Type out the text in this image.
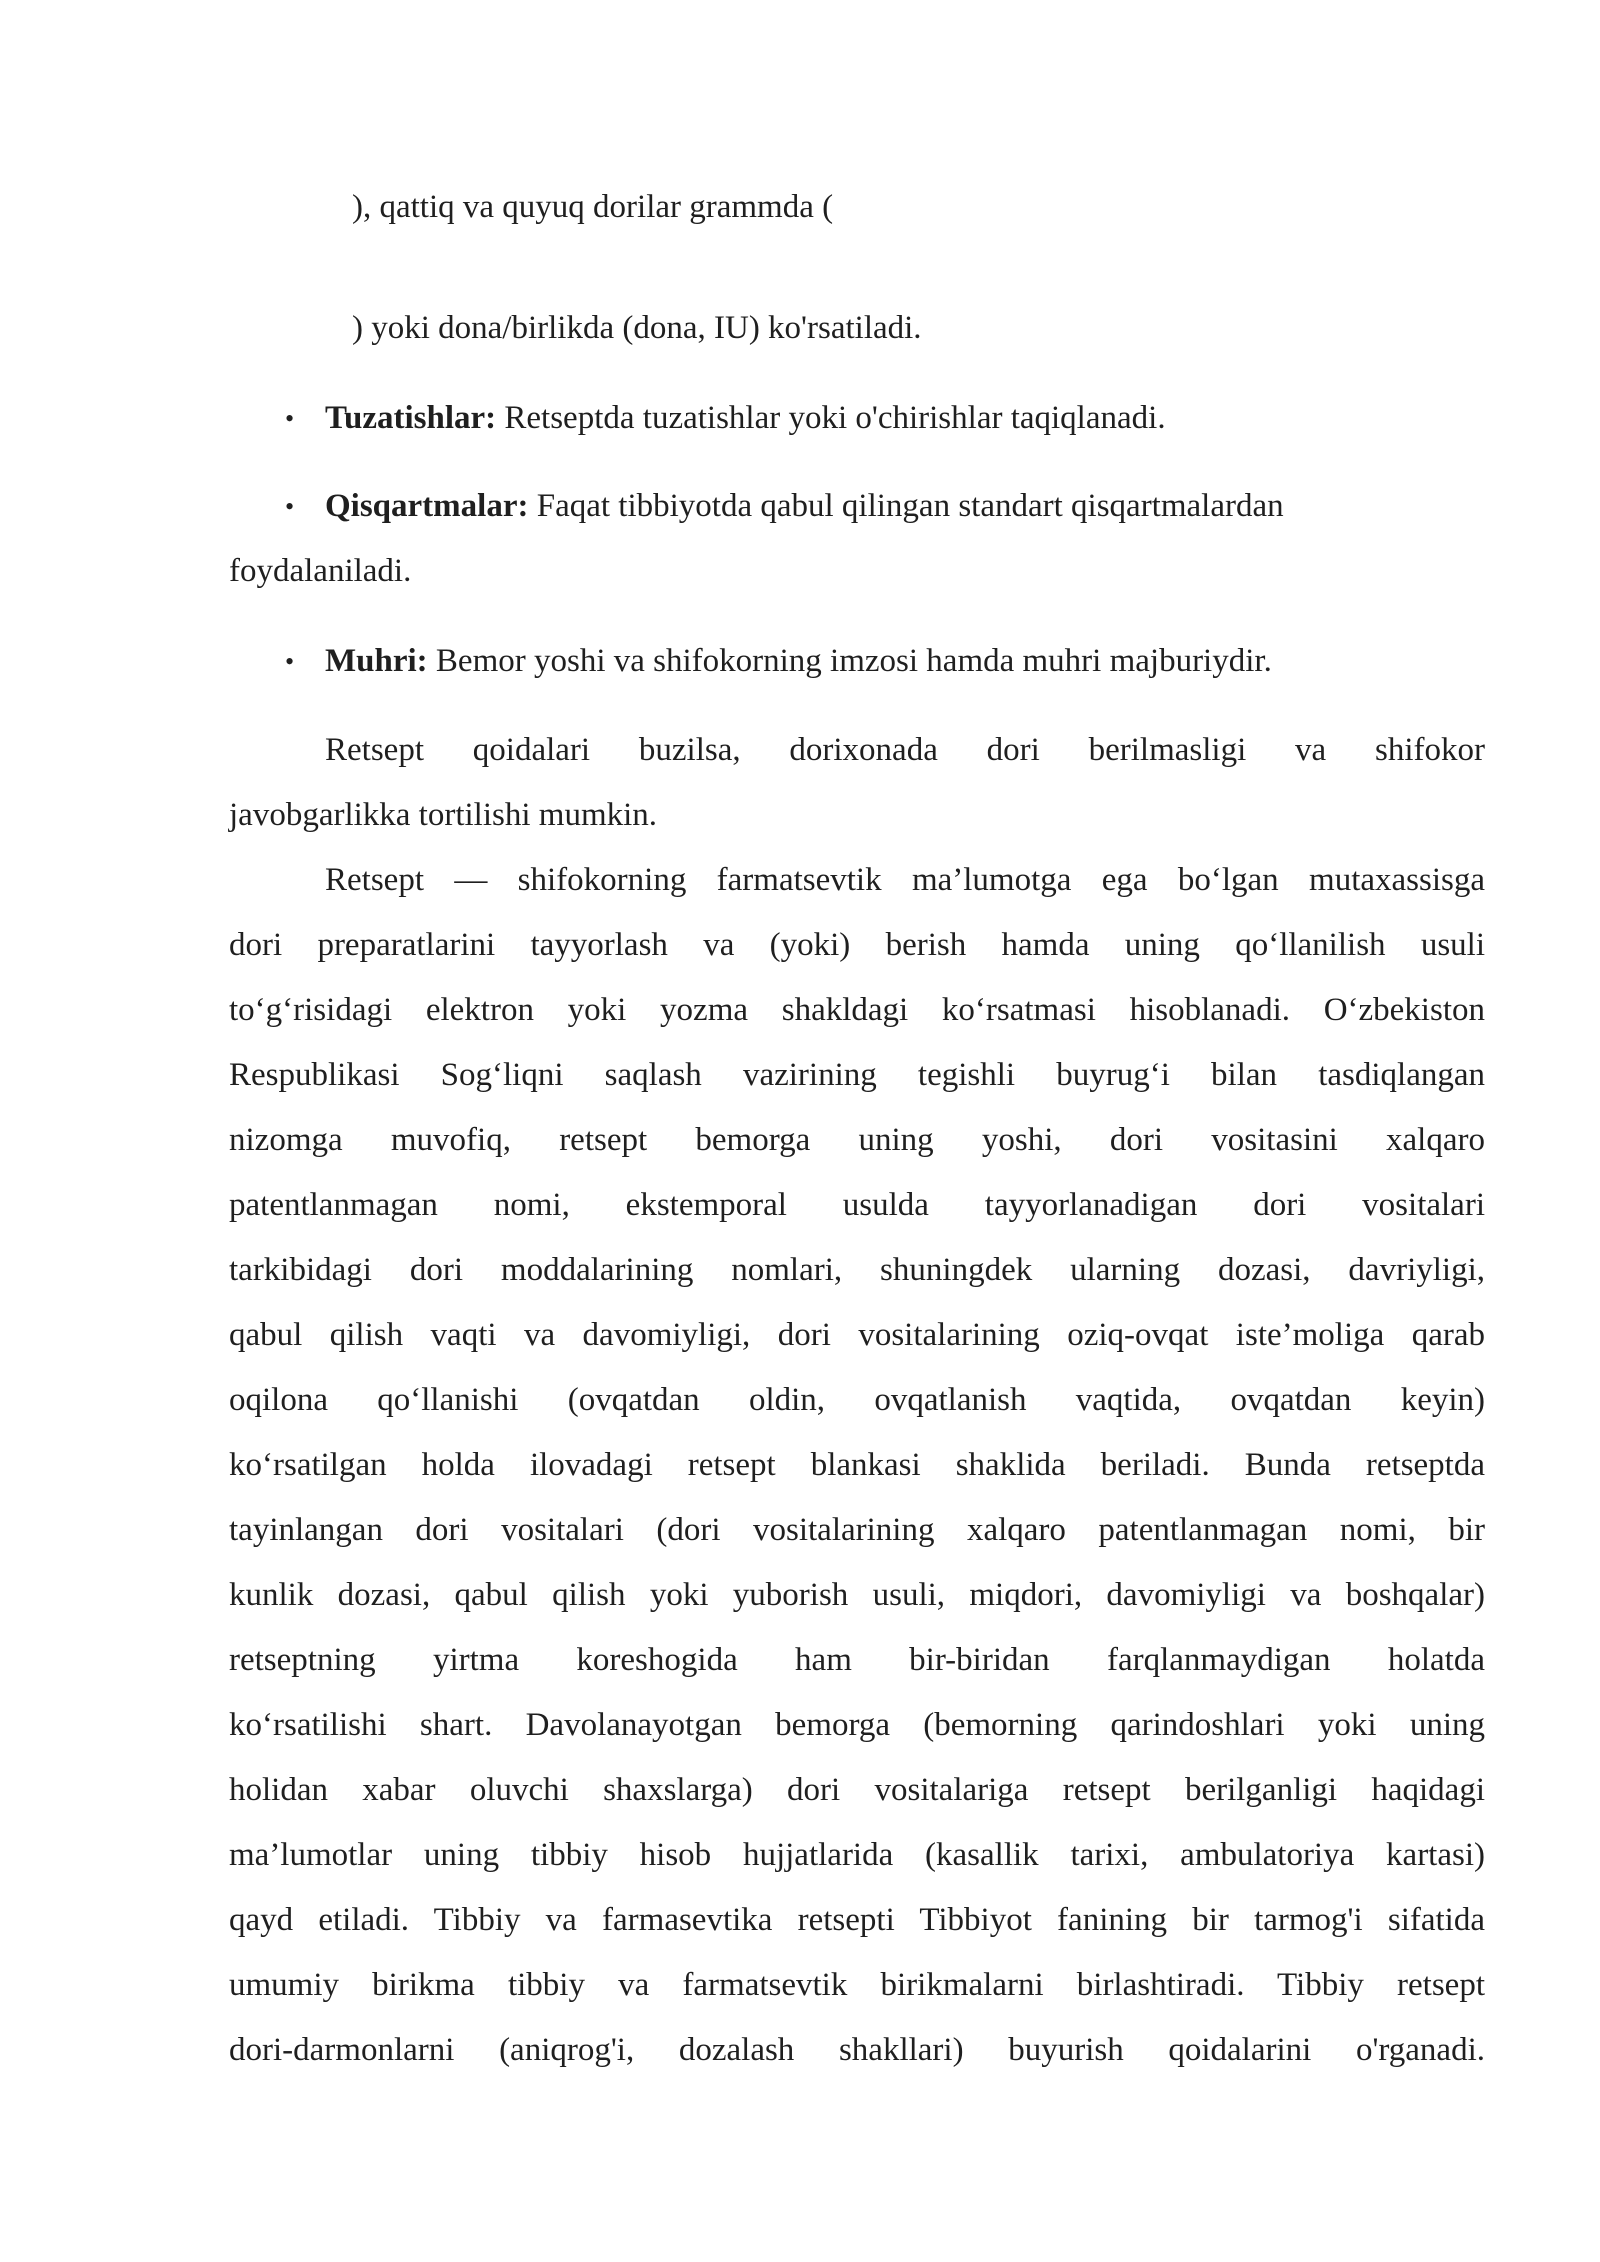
), qattiq va quyuq dorilar grammda (
) yoki dona/birlikda (dona, IU) ko'rsatiladi.
• Tuzatishlar: Retseptda tuzatishlar yoki o'chirishlar taqiqlanadi.
• Qisqartmalar: Faqat tibbiyotda qabul qilingan standart qisqartmalardan
foydalaniladi.
• Muhri: Bemor yoshi va shifokorning imzosi hamda muhri majburiydir.
Retsept qoidalari buzilsa, dorixonada dori berilmasligi va shifokor
javobgarlikka tortilishi mumkin.
Retsept — shifokorning farmatsevtik ma’lumotga ega bo‘lgan mutaxassisga
dori preparatlarini tayyorlash va (yoki) berish hamda uning qo‘llanilish usuli
to‘g‘risidagi elektron yoki yozma shakldagi ko‘rsatmasi hisoblanadi. O‘zbekiston
Respublikasi Sog‘liqni saqlash vazirining tegishli buyrug‘i bilan tasdiqlangan
nizomga muvofiq, retsept bemorga uning yoshi, dori vositasini xalqaro
patentlanmagan nomi, ekstemporal usulda tayyorlanadigan dori vositalari
tarkibidagi dori moddalarining nomlari, shuningdek ularning dozasi, davriyligi,
qabul qilish vaqti va davomiyligi, dori vositalarining oziq-ovqat iste’moliga qarab
oqilona qo‘llanishi (ovqatdan oldin, ovqatlanish vaqtida, ovqatdan keyin)
ko‘rsatilgan holda ilovadagi retsept blankasi shaklida beriladi. Bunda retseptda
tayinlangan dori vositalari (dori vositalarining xalqaro patentlanmagan nomi, bir
kunlik dozasi, qabul qilish yoki yuborish usuli, miqdori, davomiyligi va boshqalar)
retseptning yirtma koreshogida ham bir-biridan farqlanmaydigan holatda
ko‘rsatilishi shart. Davolanayotgan bemorga (bemorning qarindoshlari yoki uning
holidan xabar oluvchi shaxslarga) dori vositalariga retsept berilganligi haqidagi
ma’lumotlar uning tibbiy hisob hujjatlarida (kasallik tarixi, ambulatoriya kartasi)
qayd etiladi. Tibbiy va farmasevtika retsepti Tibbiyot fanining bir tarmog'i sifatida
umumiy birikma tibbiy va farmatsevtik birikmalarni birlashtiradi. Tibbiy retsept
dori-darmonlarni (aniqrog'i, dozalash shakllari) buyurish qoidalarini o'rganadi.
